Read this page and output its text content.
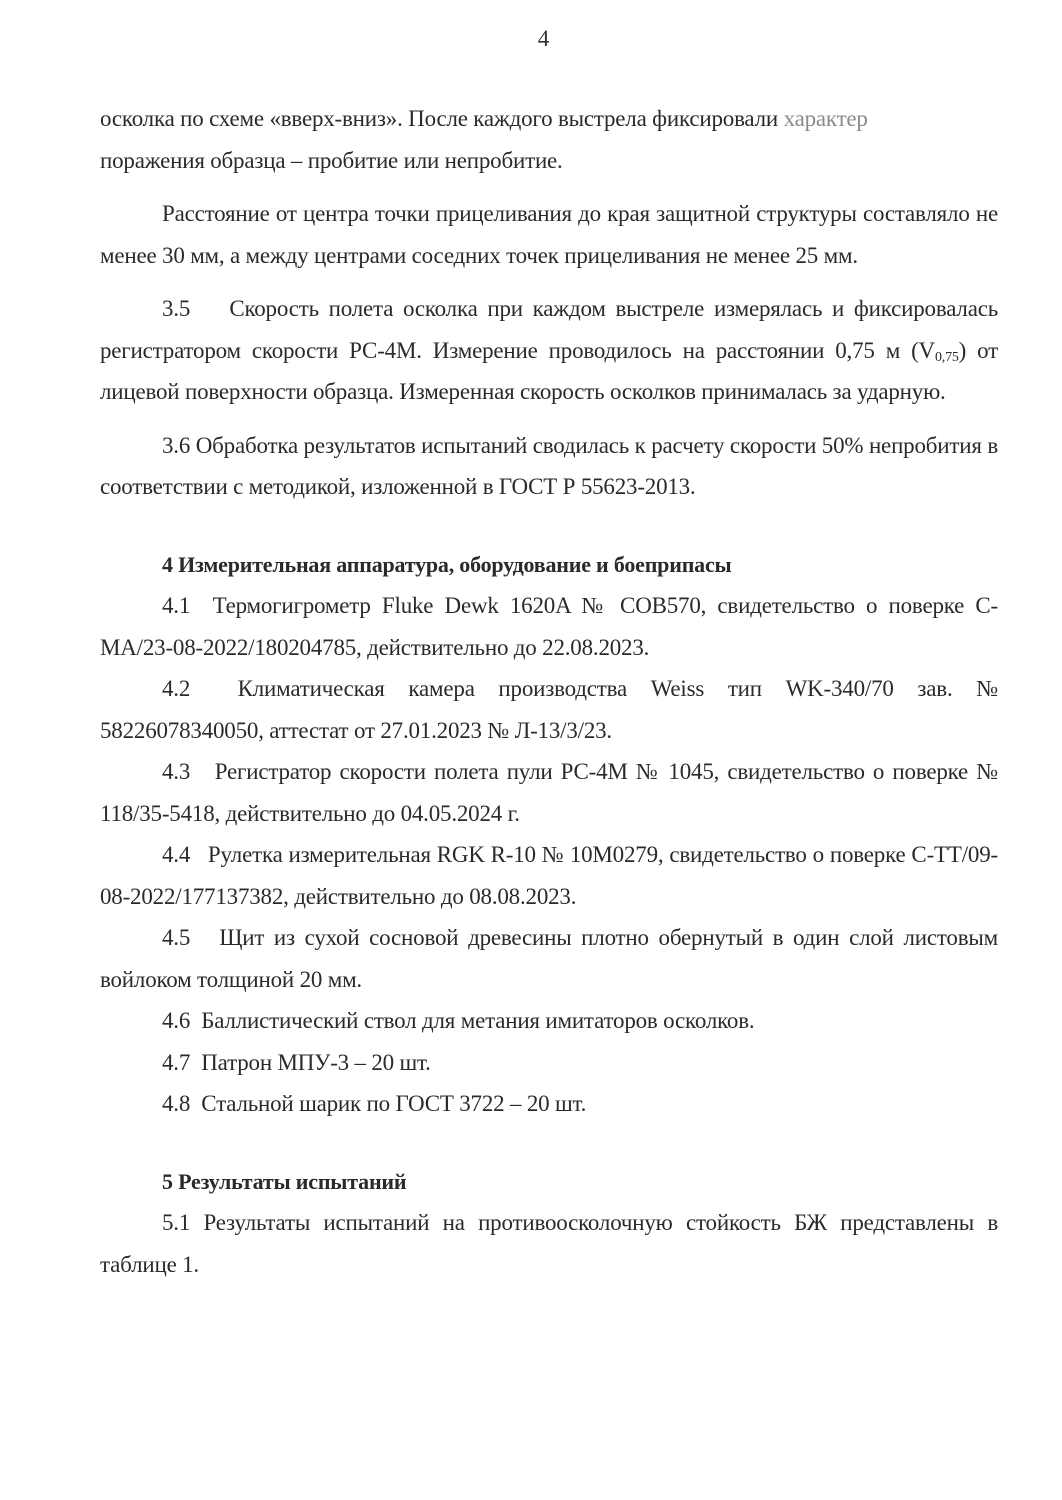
4

осколка по схеме «вверх-вниз». После каждого выстрела фиксировали характер
поражения образца – пробитие или непробитие.

Расстояние от центра точки прицеливания до края защитной структуры составляло не менее 30 мм, а между центрами соседних точек прицеливания не менее 25 мм.

3.5 Скорость полета осколка при каждом выстреле измерялась и фиксировалась регистратором скорости РС-4М. Измерение проводилось на расстоянии 0,75 м $(V_{0,75})$ от лицевой поверхности образца. Измеренная скорость осколков принималась за ударную.

3.6 Обработка результатов испытаний сводилась к расчету скорости 50% непробития в соответствии с методикой, изложенной в ГОСТ Р 55623-2013.

4 Измерительная аппаратура, оборудование и боеприпасы

4.1 Термогигрометр Fluke Dewk 1620A № COB570, свидетельство о поверке С-МА/23-08-2022/180204785, действительно до 22.08.2023.

4.2 Климатическая камера производства Weiss тип WK-340/70 зав. № 58226078340050, аттестат от 27.01.2023 № Л-13/3/23.

4.3 Регистратор скорости полета пули РС-4М № 1045, свидетельство о поверке № 118/35-5418, действительно до 04.05.2024 г.

4.4 Рулетка измерительная RGK R-10 № 10M0279, свидетельство о поверке С-ТТ/09-08-2022/177137382, действительно до 08.08.2023.

4.5 Щит из сухой сосновой древесины плотно обернутый в один слой листовым войлоком толщиной 20 мм.

4.6 Баллистический ствол для метания имитаторов осколков.

4.7 Патрон МПУ-3 – 20 шт.

4.8 Стальной шарик по ГОСТ 3722 – 20 шт.

5 Результаты испытаний

5.1 Результаты испытаний на противоосколочную стойкость БЖ представлены в таблице 1.
